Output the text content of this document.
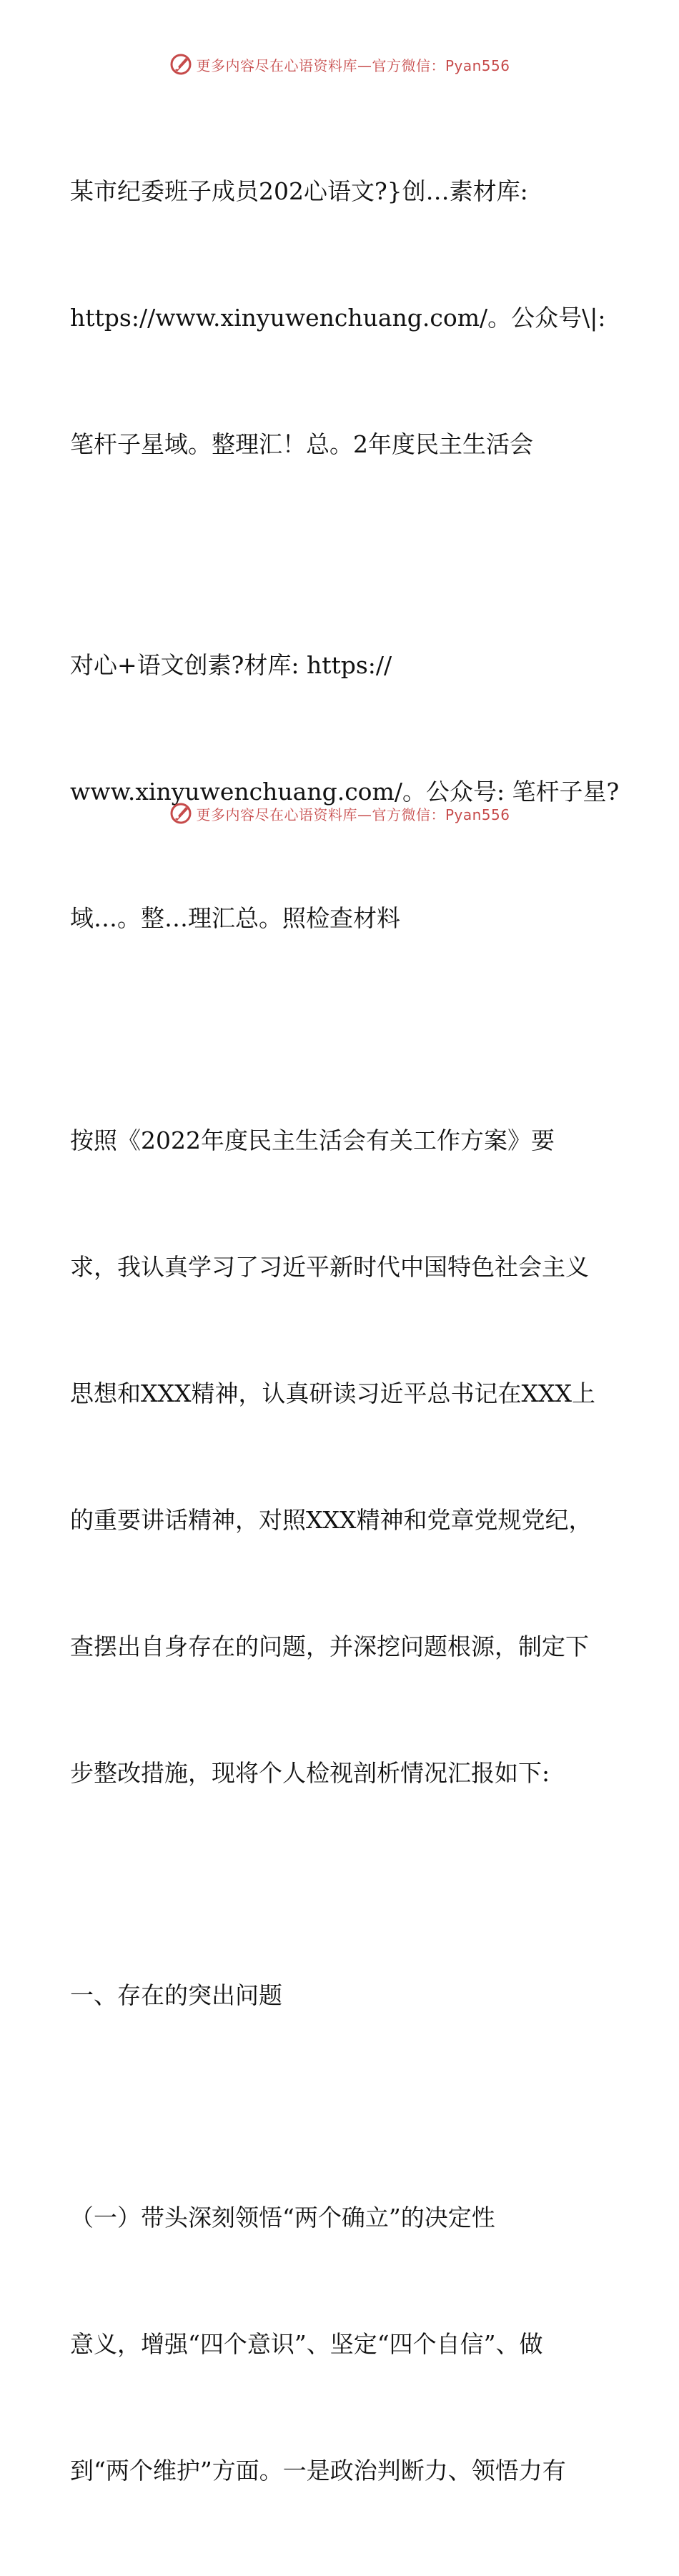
更多内容尽在心语资料库—官方微信：Pyan556

某市纪委班子成员202心语文?}创…素材库:

https://www.xinyuwenchuang.com/。公众号\|:

笔杆子星域。整理汇！总。2年度民主生活会

对心+语文创素?材库: https://

www.xinyuwenchuang.com/。公众号: 笔杆子星?

域…。整…理汇总。照检查材料

按照《2022年度民主生活会有关工作方案》要

求，我认真学习了习近平新时代中国特色社会主义

思想和XXX精神，认真研读习近平总书记在XXX上

的重要讲话精神，对照XXX精神和党章党规党纪，

查摆出自身存在的问题，并深挖问题根源，制定下

步整改措施，现将个人检视剖析情况汇报如下:

一、存在的突出问题

（一）带头深刻领悟“两个确立”的决定性

意义，增强“四个意识”、坚定“四个自信”、做

到“两个维护”方面。一是政治判断力、领悟力有

更多内容尽在心语资料库—官方微信：Pyan556
